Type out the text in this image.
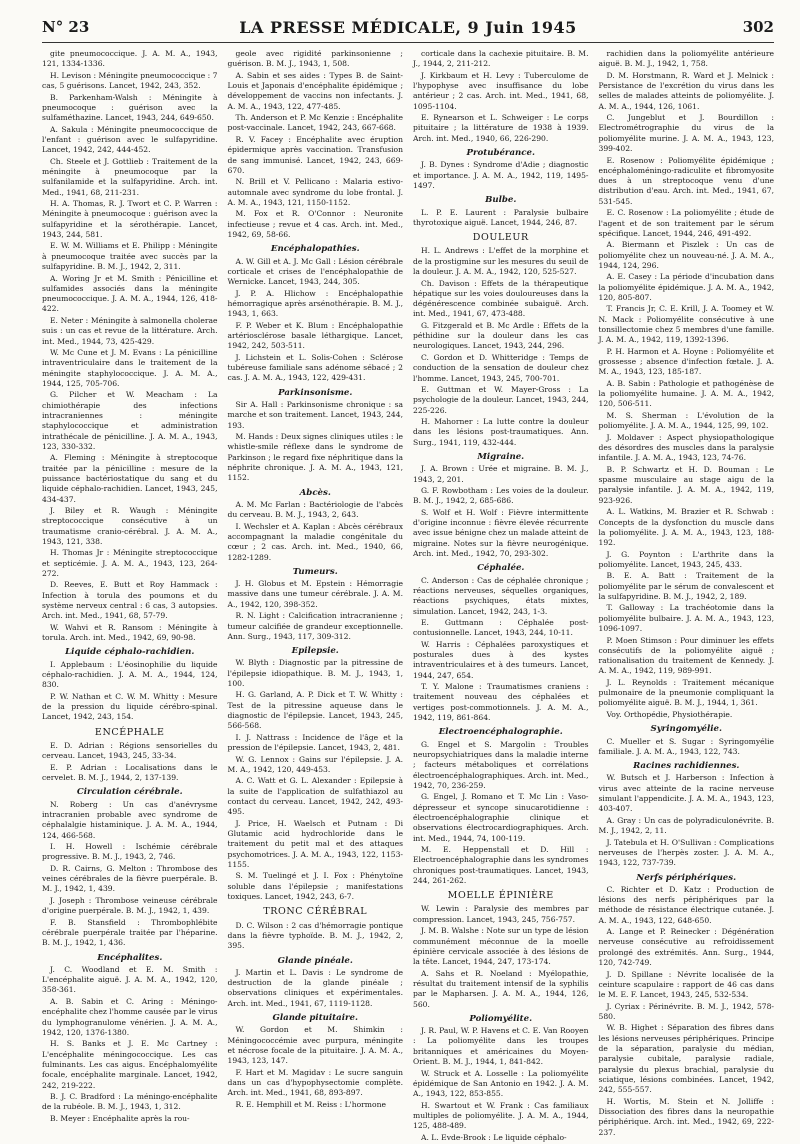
N° 23	LA PRESSE MÉDICALE, 9 Juin 1945	302
gite pneumococcique. J. A. M. A., 1943, 121, 1334-1336.
H. Levison : Méningite pneumococcique : 7 cas, 5 guérisons. Lancet, 1942, 243, 352.
B. Parkenham-Walsh : Méningite à pneumocoque : guérison avec la sulfaméthazine. Lancet, 1943, 244, 649-650.
A. Sakula : Méningite pneumococcique de l'enfant : guérison avec le sulfapyridine. Lancet, 1942, 242, 444-452.
Ch. Steele et J. Gottlieb : Traitement de la méningite à pneumocoque par la sulfanilamide et la sulfapyridine. Arch. int. Med., 1941, 68, 211-231.
H. A. Thomas, R. J. Twort et C. P. Warren : Méningite à pneumocoque : guérison avec la sulfapyridine et la sérothérapie. Lancet, 1943, 244, 581.
E. W. M. Williams et E. Philipp : Méningite à pneumocoque traitée avec succès par la sulfapyridine. B. M. J., 1942, 2, 311.
A. Woring Jr et M. Smith : Pénicilline et sulfamides associés dans la méningite pneumococcique. J. A. M. A., 1944, 126, 418-422.
E. Neter : Méningite à salmonella cholerae suis : un cas et revue de la littérature. Arch. int. Med., 1944, 73, 425-429.
W. Mc Cune et J. M. Evans : La pénicilline intraventriculaire dans le traitement de la méningite staphylococcique. J. A. M. A., 1944, 125, 705-706.
G. Pilcher et W. Meacham : La chimiothérapie des infections intracraniennes : méningite staphylococcique et administration intrathécale de pénicilline. J. A. M. A., 1943, 123, 330-332.
A. Fleming : Méningite à streptocoque traitée par la pénicilline : mesure de la puissance bactériostatique du sang et du liquide céphalo-rachidien. Lancet, 1943, 245, 434-437.
J. Biley et R. Waugh : Méningite streptococcique consécutive à un traumatisme cranio-cérébral. J. A. M. A., 1943, 121, 338.
H. Thomas Jr : Méningite streptococcique et septicémie. J. A. M. A., 1943, 123, 264-272.
D. Reeves, E. Butt et Roy Hammack : Infection à torula des poumons et du système nerveux central : 6 cas, 3 autopsies. Arch. int. Med., 1941, 68, 57-79.
W. Wahvi et R. Ransom : Méningite à torula. Arch. int. Med., 1942, 69, 90-98.
Liquide céphalo-rachidien.
I. Applebaum : L'éosinophilie du liquide céphalo-rachidien. J. A. M. A., 1944, 124, 830.
P. W. Nathan et C. W. M. Whitty : Mesure de la pression du liquide cérébro-spinal. Lancet, 1942, 243, 154.
ENCÉPHALE
E. D. Adrian : Régions sensorielles du cerveau. Lancet, 1943, 245, 33-34.
E. P. Adrian : Localisations dans le cervelet. B. M. J., 1944, 2, 137-139.
Circulation cérébrale.
N. Roberg : Un cas d'anévrysme intracranien probable avec syndrome de céphalalgie histaminique. J. A. M. A., 1944, 124, 466-568.
I. H. Howell : Ischémie cérébrale progressive. B. M. J., 1943, 2, 746.
D. R. Cairns, G. Melton : Thrombose des veines cérébrales de la fièvre puerpérale. B. M. J., 1942, 1, 439.
J. Joseph : Thrombose veineuse cérébrale d'origine puerpérale. B. M. J., 1942, 1, 439.
F. B. Stansfield : Thrombophlébite cérébrale puerpérale traitée par l'héparine. B. M. J., 1942, 1, 436.
Encéphalites.
J. C. Woodland et E. M. Smith : L'encéphalite aiguë. J. A. M. A., 1942, 120, 358-361.
A. B. Sabin et C. Aring : Méningo-encéphalite chez l'homme causée par le virus du lymphogranulome vénérien. J. A. M. A., 1942, 120, 1376-1380.
H. S. Banks et J. E. Mc Cartney : L'encéphalite méningococcique. Les cas fulminants. Les cas aigus. Encéphalomyélite focale, encéphalite marginale. Lancet, 1942, 242, 219-222.
B. J. C. Bradford : La méningo-encéphalite de la rubéole. B. M. J., 1943, 1, 312.
B. Meyer : Encéphalite après la rou-
geole avec rigidité parkinsonienne ; guérison. B. M. J., 1943, 1, 508.
A. Sabin et ses aides : Types B. de Saint-Louis et Japonais d'encéphalite épidémique ; développement de vaccins non infectants. J. A. M. A., 1943, 122, 477-485.
Th. Anderson et P. Mc Kenzie : Encéphalite post-vaccinale. Lancet, 1942, 243, 667-668.
R. V. Facey : Encéphalite avec éruption épidermique après vaccination. Transfusion de sang immunisé. Lancet, 1942, 243, 669-670.
N. Brill et V. Pellicano : Malaria estivo-automnale avec syndrome du lobe frontal. J. A. M. A., 1943, 121, 1150-1152.
M. Fox et R. O'Connor : Neuronite infectieuse ; revue et 4 cas. Arch. int. Med., 1942, 69, 58-66.
Encéphalopathies.
A. W. Gill et A. J. Mc Gall : Lésion cérébrale corticale et crises de l'encéphalopathie de Wernicke. Lancet, 1943, 244, 305.
J. P. A. Hlichow : Encéphalopathie hémorragique après arsénothérapie. B. M. J., 1943, 1, 663.
F. P. Weber et K. Blum : Encéphalopathie artériosclérose basale léthargique. Lancet, 1942, 242, 503-511.
J. Lichstein et L. Solis-Cohen : Sclérose tubéreuse familiale sans adénome sébacé ; 2 cas. J. A. M. A., 1943, 122, 429-431.
Parkinsonisme.
Sir A. Hall : Parkinsonisme chronique : sa marche et son traitement. Lancet, 1943, 244, 193.
M. Hands : Deux signes cliniques utiles : le whistle-smile réflexe dans le syndrome de Parkinson ; le regard fixe néphritique dans la néphrite chronique. J. A. M. A., 1943, 121, 1152.
Abcès.
A. M. Mc Farlan : Bactériologie de l'abcès du cerveau. B. M. J., 1943, 2, 643.
I. Wechsler et A. Kaplan : Abcès cérébraux accompagnant la maladie congénitale du cœur ; 2 cas. Arch. int. Med., 1940, 66, 1282-1289.
Tumeurs.
J. H. Globus et M. Epstein : Hémorragie massive dans une tumeur cérébrale. J. A. M. A., 1942, 120, 398-352.
R. N. Light : Calcification intracranienne ; tumeur calcifiée de grandeur exceptionnelle. Ann. Surg., 1943, 117, 309-312.
Epilepsie.
W. Blyth : Diagnostic par la pitressine de l'épilepsie idiopathique. B. M. J., 1943, 1, 100.
H. G. Garland, A. P. Dick et T. W. Whitty : Test de la pitressine aqueuse dans le diagnostic de l'épilepsie. Lancet, 1943, 245, 566-568.
I. J. Nattrass : Incidence de l'âge et la pression de l'épilepsie. Lancet, 1943, 2, 481.
W. G. Lennox : Gains sur l'épilepsie. J. A. M. A., 1942, 120, 449-453.
A. C. Watt et G. L. Alexander : Epilepsie à la suite de l'application de sulfathiazol au contact du cerveau. Lancet, 1942, 242, 493-495.
J. Price, H. Waelsch et Putnam : Di Glutamic acid hydrochloride dans le traitement du petit mal et des attaques psychomotrices. J. A. M. A., 1943, 122, 1153-1155.
S. M. Tuelingé et J. I. Fox : Phénytoïne soluble dans l'épilepsie ; manifestations toxiques. Lancet, 1942, 243, 6-7.
TRONC CÉRÉBRAL
D. C. Wilson : 2 cas d'hémorragie pontique dans la fièvre typhoïde. B. M. J., 1942, 2, 395.
Glande pinéale.
J. Martin et L. Davis : Le syndrome de destruction de la glande pinéale ; observations cliniques et expérimentales. Arch. int. Med., 1941, 67, 1119-1128.
Glande pituitaire.
W. Gordon et M. Shimkin : Méningococcémie avec purpura, méningite et nécrose focale de la pituitaire. J. A. M. A., 1943, 123, 147.
F. Hart et M. Magidav : Le sucre sanguin dans un cas d'hypophysectomie complète. Arch. int. Med., 1941, 68, 893-897.
R. E. Hemphill et M. Reiss : L'hormone
corticale dans la cachexie pituitaire. B. M. J., 1944, 2, 211-212.
J. Kirkbaum et H. Levy : Tuberculome de l'hypophyse avec insuffisance du lobe antérieur ; 2 cas. Arch. int. Med., 1941, 68, 1095-1104.
E. Rynearson et L. Schweiger : Le corps pituitaire ; la littérature de 1938 à 1939. Arch. int. Med., 1940, 66, 226-290.
Protubérance.
J. B. Dynes : Syndrome d'Adie ; diagnostic et importance. J. A. M. A., 1942, 119, 1495-1497.
Bulbe.
L. P. E. Laurent : Paralysie bulbaire thyrotoxique aiguë. Lancet, 1944, 246, 87.
DOULEUR
H. L. Andrews : L'effet de la morphine et de la prostigmine sur les mesures du seuil de la douleur. J. A. M. A., 1942, 120, 525-527.
Ch. Davison : Effets de la thérapeutique hépatique sur les voies douloureuses dans la dégénérescence combinée subaiguë. Arch. int. Med., 1941, 67, 473-488.
G. Fitzgerald et B. Mc Ardle : Effets de la péthidine sur la douleur dans les cas neurologiques. Lancet, 1943, 244, 296.
C. Gordon et D. Whitteridge : Temps de conduction de la sensation de douleur chez l'homme. Lancet, 1943, 245, 700-701.
E. Guttman et W. Mayer-Gross : La psychologie de la douleur. Lancet, 1943, 244, 225-226.
H. Mahorner : La lutte contre la douleur dans les lésions post-traumatiques. Ann. Surg., 1941, 119, 432-444.
Migraine.
J. A. Brown : Urée et migraine. B. M. J., 1943, 2, 201.
G. F. Rowbotham : Les voies de la douleur. B. M. J., 1942, 2, 685-686.
S. Wolf et H. Wolf : Fièvre intermittente d'origine inconnue : fièvre élevée récurrente avec issue bénigne chez un malade atteint de migraine. Notes sur la fièvre neurogénique. Arch. int. Med., 1942, 70, 293-302.
Céphalée.
C. Anderson : Cas de céphalée chronique ; réactions nerveuses, séquelles organiques, réactions psychiques, états mixtes, simulation. Lancet, 1942, 243, 1-3.
E. Guttmann : Céphalée post-contusionnelle. Lancet, 1943, 244, 10-11.
W. Harris : Céphalées paroxystiques et posturales dues à des kystes intraventriculaires et à des tumeurs. Lancet, 1944, 247, 654.
T. Y. Malone : Traumatismes craniens : traitement nouveau des céphalées et vertiges post-commotionnels. J. A. M. A., 1942, 119, 861-864.
Electroencéphalographie.
G. Engel et S. Margolin : Troubles neuropsychiatriques dans la maladie interne ; facteurs métaboliques et corrélations électroencéphalographiques. Arch. int. Med., 1942, 70, 236-259.
G. Engel, J. Romano et T. Mc Lin : Vaso-dépresseur et syncope sinucarotidienne : électroencéphalographie clinique et observations électrocardiographiques. Arch. int. Med., 1944, 74, 100-119.
M. E. Heppenstall et D. Hill : Electroencéphalographie dans les syndromes chroniques post-traumatiques. Lancet, 1943, 244, 261-262.
MOELLE ÉPINIÈRE
W. Lewin : Paralysie des membres par compression. Lancet, 1943, 245, 756-757.
J. M. B. Walshe : Note sur un type de lésion communément méconnue de la moelle épinière cervicale associée à des lésions de la tête. Lancet, 1944, 247, 173-174.
A. Sahs et R. Noeland : Myélopathie, résultat du traitement intensif de la syphilis par le Mapharsen. J. A. M. A., 1944, 126, 560.
Poliomyélite.
J. R. Paul, W. P. Havens et C. E. Van Rooyen : La poliomyélite dans les troupes britanniques et américaines du Moyen-Orient. B. M. J., 1944, 1, 841-842.
W. Struck et A. Losselle : La poliomyélite épidémique de San Antonio en 1942. J. A. M. A., 1943, 122, 853-855.
H. Swartout et W. Frank : Cas familiaux multiples de poliomyélite. J. A. M. A., 1944, 125, 488-489.
A. L. Evde-Brook : Le liquide céphalo-
rachidien dans la poliomyélite antérieure aiguë. B. M. J., 1942, 1, 758.
D. M. Horstmann, R. Ward et J. Melnick : Persistance de l'excrétion du virus dans les selles de malades atteints de poliomyélite. J. A. M. A., 1944, 126, 1061.
C. Jungeblut et J. Bourdillon : Electrométrographie du virus de la poliomyélite murine. J. A. M. A., 1943, 123, 399-402.
E. Rosenow : Poliomyélite épidémique ; encéphaloméningo-radiculite et fibromyosite dues à un streptocoque venu d'une distribution d'eau. Arch. int. Med., 1941, 67, 531-545.
E. C. Rosenow : La poliomyélite ; étude de l'agent et de son traitement par le sérum spécifique. Lancet, 1944, 246, 491-492.
A. Biermann et Piszlek : Un cas de poliomyélite chez un nouveau-né. J. A. M. A., 1944, 124, 296.
A. E. Casey : La période d'incubation dans la poliomyélite épidémique. J. A. M. A., 1942, 120, 805-807.
T. Francis Jr, C. E. Krill, J. A. Toomey et W. N. Mack : Poliomyélite consécutive à une tonsillectomie chez 5 membres d'une famille. J. A. M. A., 1942, 119, 1392-1396.
P. H. Harmon et A. Hoyne : Poliomyélite et grossesse ; absence d'infection fœtale. J. A. M. A., 1943, 123, 185-187.
A. B. Sabin : Pathologie et pathogénèse de la poliomyélite humaine. J. A. M. A., 1942, 120, 506-511.
M. S. Sherman : L'évolution de la poliomyélite. J. A. M. A., 1944, 125, 99, 102.
J. Moldaver : Aspect physiopathologique des désordres des muscles dans la paralysie infantile. J. A. M. A., 1943, 123, 74-76.
B. P. Schwartz et H. D. Bouman : Le spasme musculaire au stage aigu de la paralysie infantile. J. A. M. A., 1942, 119, 923-926.
A. L. Watkins, M. Brazier et R. Schwab : Concepts de la dysfonction du muscle dans la poliomyélite. J. A. M. A., 1943, 123, 188-192.
J. G. Poynton : L'arthrite dans la poliomyélite. Lancet, 1943, 245, 433.
B. E. A. Batt : Traitement de la poliomyélite par le sérum de convalescent et la sulfapyridine. B. M. J., 1942, 2, 189.
T. Galloway : La trachéotomie dans la poliomyélite bulbaire. J. A. M. A., 1943, 123, 1096-1097.
P. Moen Stimson : Pour diminuer les effets consécutifs de la poliomyélite aiguë ; rationalisation du traitement de Kennedy. J. A. M. A., 1942, 119, 989-991.
J. L. Reynolds : Traitement mécanique pulmonaire de la pneumonie compliquant la poliomyélite aiguë. B. M. J., 1944, 1, 361.
Voy. Orthopédie, Physiothérapie.
Syringomyélie.
C. Mueller et S. Sugar : Syringomyélie familiale. J. A. M. A., 1943, 122, 743.
Racines rachidiennes.
W. Butsch et J. Harberson : Infection à virus avec atteinte de la racine nerveuse simulant l'appendicite. J. A. M. A., 1943, 123, 403-407.
A. Gray : Un cas de polyradiculonévrite. B. M. J., 1942, 2, 11.
J. Tatebula et H. O'Sullivan : Complications nerveuses de l'herpès zoster. J. A. M. A., 1943, 122, 737-739.
Nerfs périphériques.
C. Richter et D. Katz : Production de lésions des nerfs périphériques par la méthode de résistance électrique cutanée. J. A. M. A., 1943, 122, 648-650.
A. Lange et P. Reinecker : Dégénération nerveuse consécutive au refroidissement prolongé des extrémités. Ann. Surg., 1944, 120, 742-749.
J. D. Spillane : Névrite localisée de la ceinture scapulaire : rapport de 46 cas dans le M. E. F. Lancet, 1943, 245, 532-534.
J. Cyriax : Périnévrite. B. M. J., 1942, 578-580.
W. B. Highet : Séparation des fibres dans les lésions nerveuses périphériques. Principe de la séparation, paralysie du médian, paralysie cubitale, paralysie radiale, paralysie du plexus brachial, paralysie du sciatique, lésions combinées. Lancet, 1942, 242, 555-557.
H. Wortis, M. Stein et N. Jolliffe : Dissociation des fibres dans la neuropathie périphérique. Arch. int. Med., 1942, 69, 222-237.
